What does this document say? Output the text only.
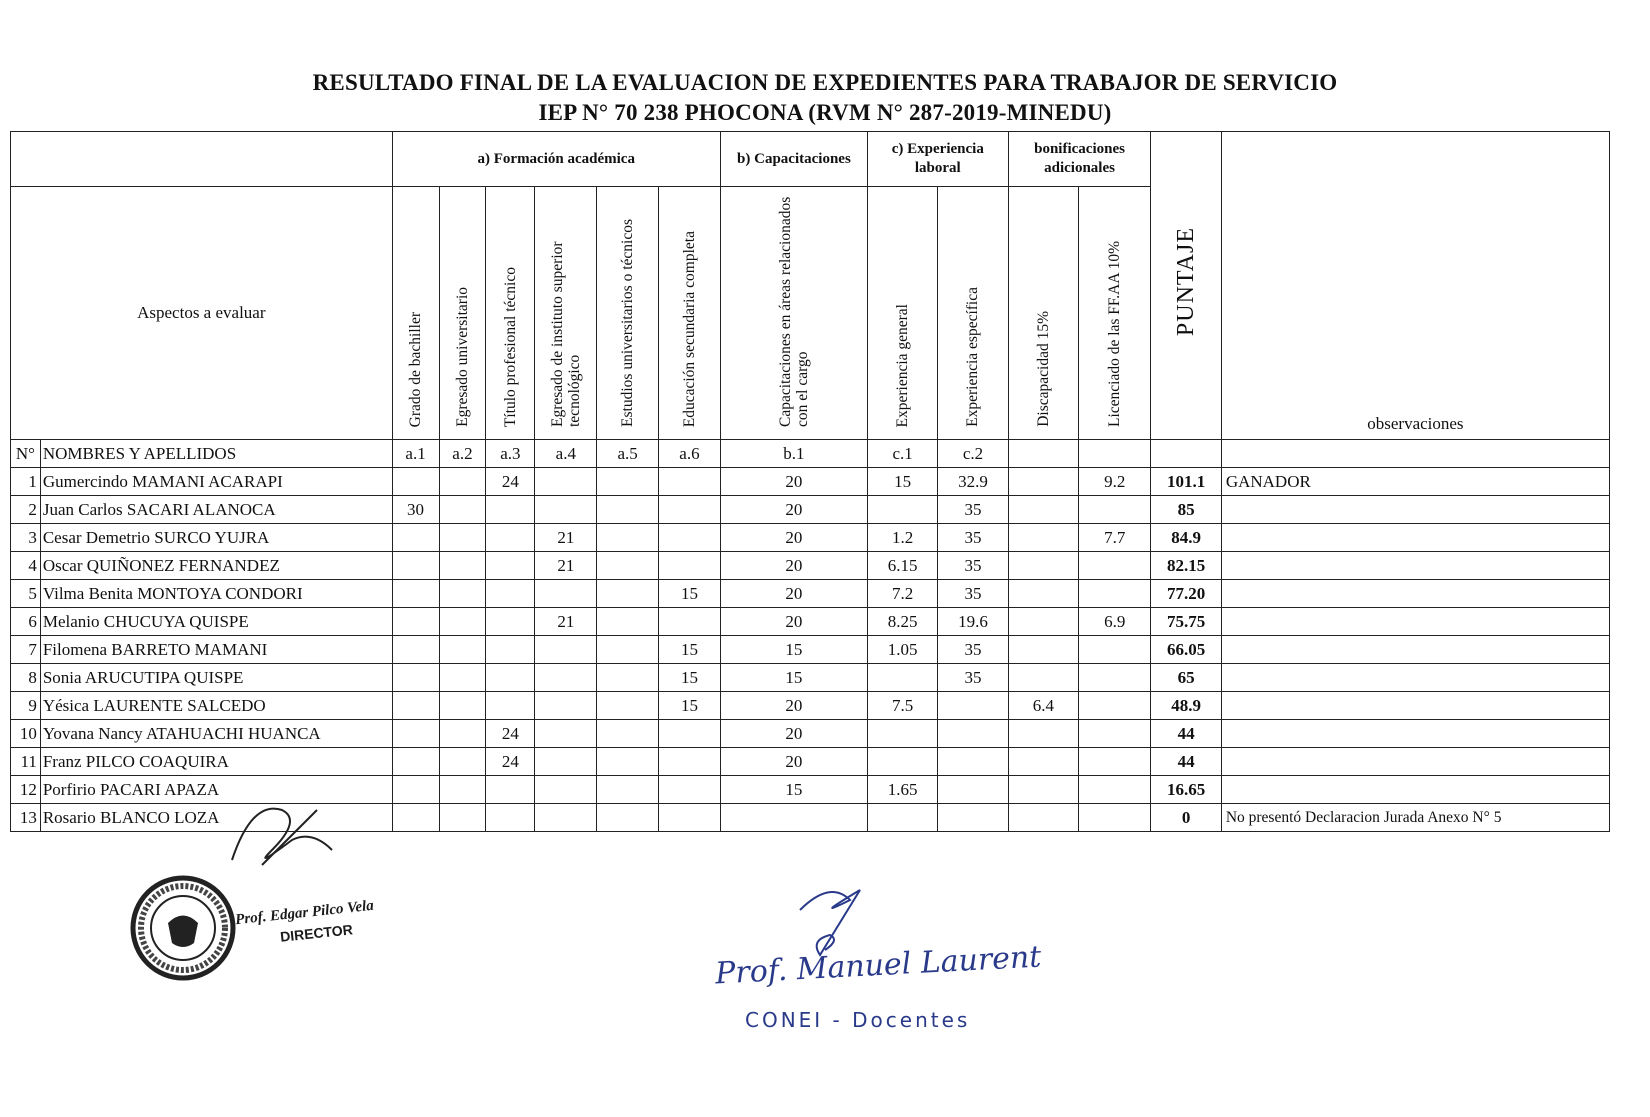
RESULTADO FINAL DE LA EVALUACION DE EXPEDIENTES PARA TRABAJOR DE SERVICIO
IEP N° 70 238 PHOCONA (RVM N° 287-2019-MINEDU)
		a) Formación académica						b) Capacitaciones	c) Experiencia laboral		bonificaciones adicionales		PUNTAJE	observaciones
Aspectos a evaluar		Grado de bachiller	Egresado universitario	Título profesional técnico	Egresado de instituto superior tecnológico	Estudios universitarios o técnicos	Educación secundaria completa	Capacitaciones en áreas relacionados con el cargo	Experiencia general	Experiencia específica	Discapacidad 15%	Licenciado de las FF.AA 10%		
N°	NOMBRES Y APELLIDOS	a.1	a.2	a.3	a.4	a.5	a.6	b.1	c.1	c.2				
1	Gumercindo MAMANI ACARAPI			24				20	15	32.9		9.2	101.1	GANADOR
2	Juan Carlos SACARI ALANOCA	30						20		35			85	
3	Cesar Demetrio SURCO YUJRA				21			20	1.2	35		7.7	84.9	
4	Oscar QUIÑONEZ FERNANDEZ				21			20	6.15	35			82.15	
5	Vilma Benita MONTOYA CONDORI						15	20	7.2	35			77.20	
6	Melanio CHUCUYA QUISPE				21			20	8.25	19.6		6.9	75.75	
7	Filomena BARRETO MAMANI						15	15	1.05	35			66.05	
8	Sonia ARUCUTIPA QUISPE						15	15		35			65	
9	Yésica LAURENTE SALCEDO						15	20	7.5		6.4		48.9	
10	Yovana Nancy ATAHUACHI HUANCA			24				20					44	
11	Franz PILCO COAQUIRA			24				20					44	
12	Porfirio PACARI APAZA							15	1.65				16.65	
13	Rosario BLANCO LOZA												0	No presentó Declaracion Jurada Anexo N° 5
Prof. Edgar Pilco Vela
DIRECTOR
Prof. Manuel Laurent
CONEI - Docentes
